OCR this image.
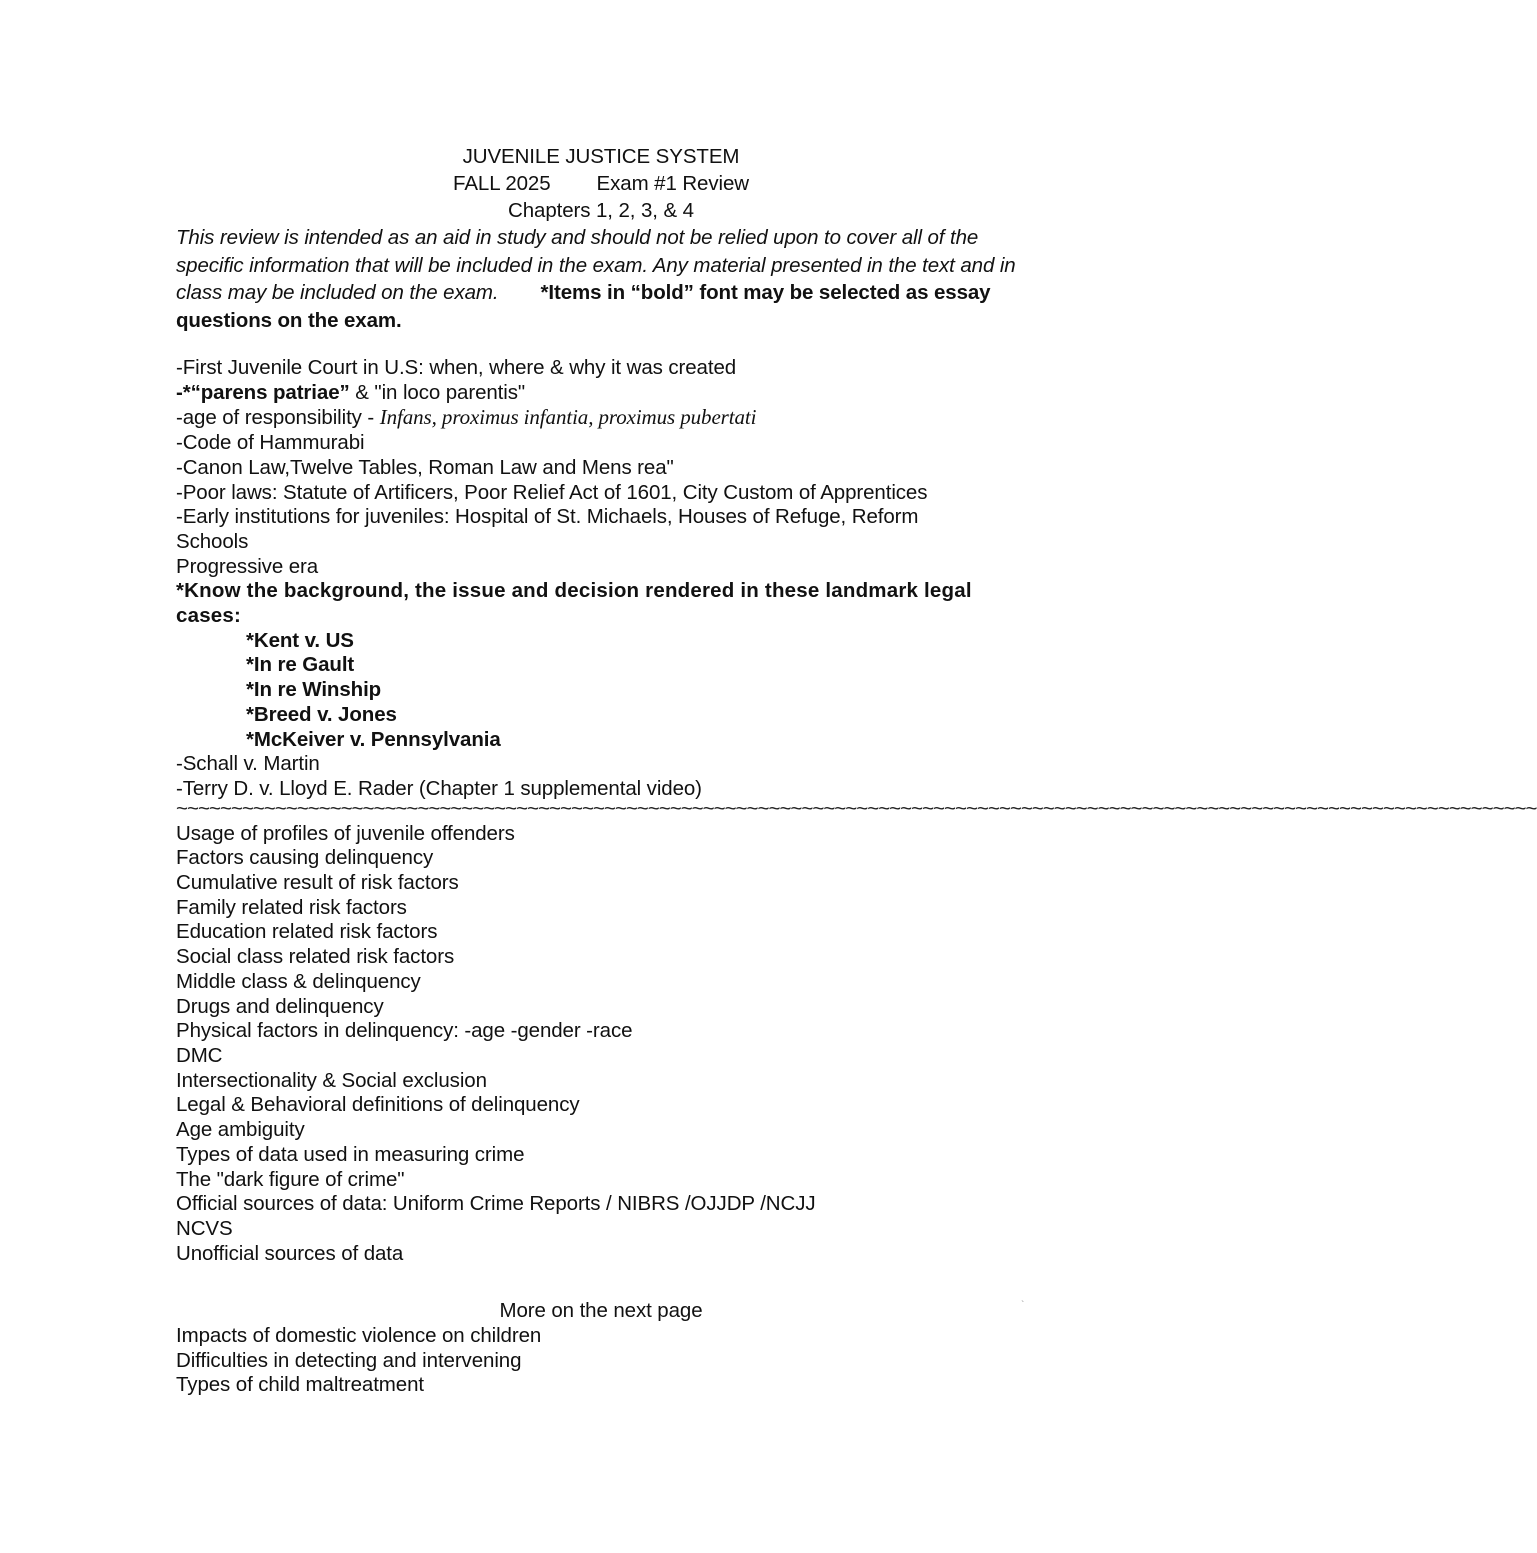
JUVENILE JUSTICE SYSTEM
FALL 2025 Exam #1 Review
Chapters 1, 2, 3, & 4
This review is intended as an aid in study and should not be relied upon to cover all of the specific information that will be included in the exam. Any material presented in the text and in class may be included on the exam. *Items in “bold” font may be selected as essay questions on the exam.
-First Juvenile Court in U.S: when, where & why it was created
-*“parens patriae” & "in loco parentis"
-age of responsibility - Infans, proximus infantia, proximus pubertati
-Code of Hammurabi
-Canon Law,Twelve Tables, Roman Law and Mens rea"
-Poor laws: Statute of Artificers, Poor Relief Act of 1601, City Custom of Apprentices
-Early institutions for juveniles: Hospital of St. Michaels, Houses of Refuge, Reform Schools
Progressive era
*Know the background, the issue and decision rendered in these landmark legal cases:
*Kent v. US
*In re Gault
*In re Winship
*Breed v. Jones
*McKeiver v. Pennsylvania
-Schall v. Martin
-Terry D. v. Lloyd E. Rader (Chapter 1 supplemental video)
~~~~~~~~~~~~~~~~~~~~~~~~~~~~~~~~~~~~~~~~~~~~~~~~~~~~~~~~~~~~~~~~~~~~~~~~~~~~~~~~~~~~~~~~~~~~~~~~~~~~~~~~~~~~~~~~~~~~~~~~~~~~
Usage of profiles of juvenile offenders
Factors causing delinquency
Cumulative result of risk factors
Family related risk factors
Education related risk factors
Social class related risk factors
Middle class & delinquency
Drugs and delinquency
Physical factors in delinquency: -age -gender -race
DMC
Intersectionality & Social exclusion
Legal & Behavioral definitions of delinquency
Age ambiguity
Types of data used in measuring crime
The "dark figure of crime"
Official sources of data: Uniform Crime Reports / NIBRS /OJJDP /NCJJ
NCVS
Unofficial sources of data
More on the next page
Impacts of domestic violence on children
Difficulties in detecting and intervening
Types of child maltreatment
`
